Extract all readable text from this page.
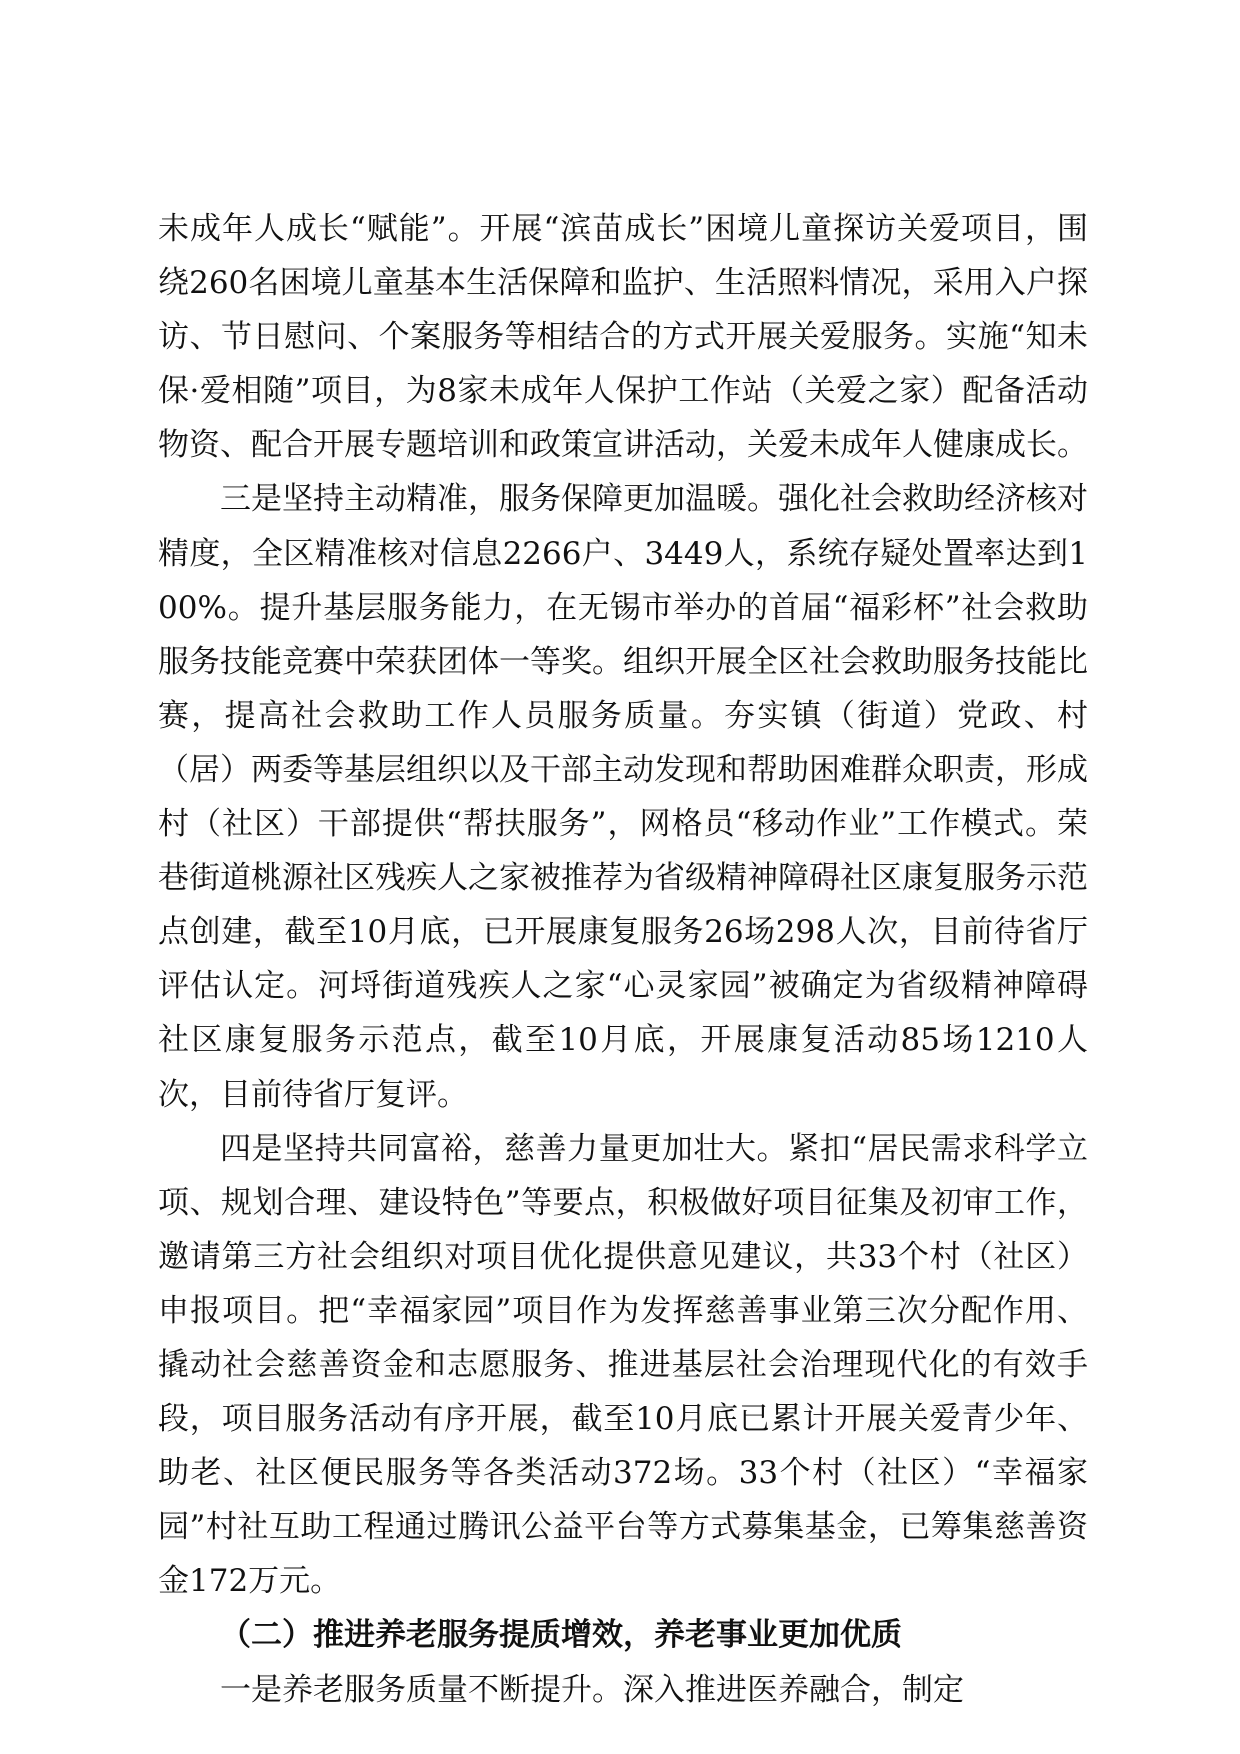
未成年人成长“赋能”。开展“滨苗成长”困境儿童探访关爱项目，围绕260名困境儿童基本生活保障和监护、生活照料情况，采用入户探访、节日慰问、个案服务等相结合的方式开展关爱服务。实施“知未保·爱相随”项目，为8家未成年人保护工作站（关爱之家）配备活动物资、配合开展专题培训和政策宣讲活动，关爱未成年人健康成长。

三是坚持主动精准，服务保障更加温暖。强化社会救助经济核对精度，全区精准核对信息2266户、3449人，系统存疑处置率达到100%。提升基层服务能力，在无锡市举办的首届“福彩杯”社会救助服务技能竞赛中荣获团体一等奖。组织开展全区社会救助服务技能比赛，提高社会救助工作人员服务质量。夯实镇（街道）党政、村（居）两委等基层组织以及干部主动发现和帮助困难群众职责，形成村（社区）干部提供“帮扶服务”，网格员“移动作业”工作模式。荣巷街道桃源社区残疾人之家被推荐为省级精神障碍社区康复服务示范点创建，截至10月底，已开展康复服务26场298人次，目前待省厅评估认定。河埒街道残疾人之家“心灵家园”被确定为省级精神障碍社区康复服务示范点，截至10月底，开展康复活动85场1210人次，目前待省厅复评。

四是坚持共同富裕，慈善力量更加壮大。紧扣“居民需求科学立项、规划合理、建设特色”等要点，积极做好项目征集及初审工作，邀请第三方社会组织对项目优化提供意见建议，共33个村（社区）申报项目。把“幸福家园”项目作为发挥慈善事业第三次分配作用、撬动社会慈善资金和志愿服务、推进基层社会治理现代化的有效手段，项目服务活动有序开展，截至10月底已累计开展关爱青少年、助老、社区便民服务等各类活动372场。33个村（社区）“幸福家园”村社互助工程通过腾讯公益平台等方式募集基金，已筹集慈善资金172万元。

（二）推进养老服务提质增效，养老事业更加优质

一是养老服务质量不断提升。深入推进医养融合，制定
